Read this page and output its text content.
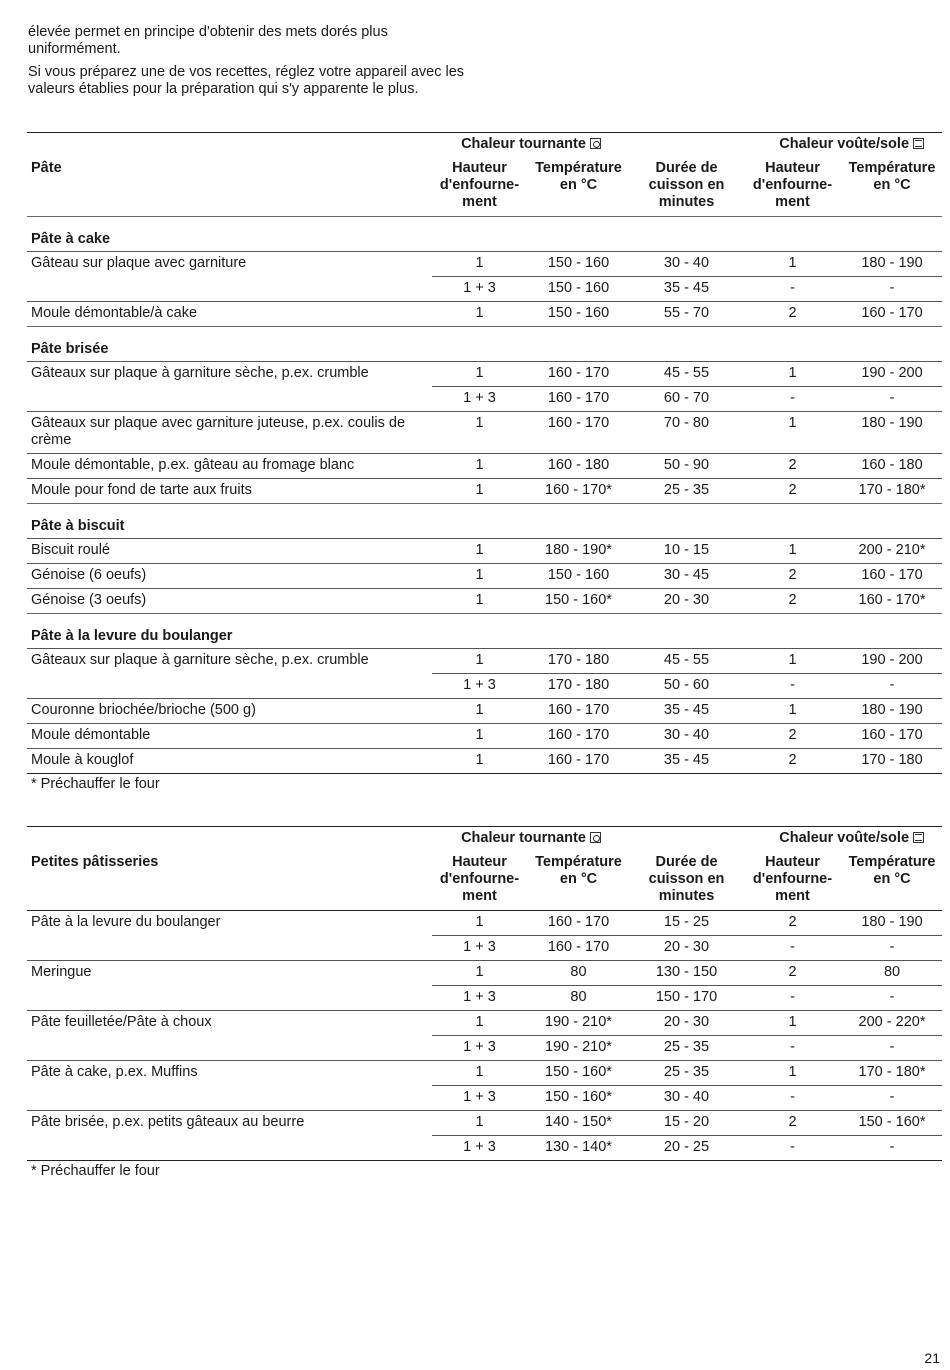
élevée permet en principe d'obtenir des mets dorés plus uniformément.

Si vous préparez une de vos recettes, réglez votre appareil avec les valeurs établies pour la préparation qui s'y apparente le plus.

	Chaleur tournante			Chaleur voûte/sole	
Pâte	Hauteur d'enfourne-ment	Température en °C	Durée de cuisson en minutes	Hauteur d'enfourne-ment	Température en °C
Pâte à cake					
Gâteau sur plaque avec garniture	1	150 - 160	30 - 40	1	180 - 190
	1 + 3	150 - 160	35 - 45	-	-
Moule démontable/à cake	1	150 - 160	55 - 70	2	160 - 170
Pâte brisée					
Gâteaux sur plaque à garniture sèche, p.ex. crumble	1	160 - 170	45 - 55	1	190 - 200
	1 + 3	160 - 170	60 - 70	-	-
Gâteaux sur plaque avec garniture juteuse, p.ex. coulis de crème	1	160 - 170	70 - 80	1	180 - 190
Moule démontable, p.ex. gâteau au fromage blanc	1	160 - 180	50 - 90	2	160 - 180
Moule pour fond de tarte aux fruits	1	160 - 170*	25 - 35	2	170 - 180*
Pâte à biscuit					
Biscuit roulé	1	180 - 190*	10 - 15	1	200 - 210*
Génoise (6 oeufs)	1	150 - 160	30 - 45	2	160 - 170
Génoise (3 oeufs)	1	150 - 160*	20 - 30	2	160 - 170*
Pâte à la levure du boulanger					
Gâteaux sur plaque à garniture sèche, p.ex. crumble	1	170 - 180	45 - 55	1	190 - 200
	1 + 3	170 - 180	50 - 60	-	-
Couronne briochée/brioche (500 g)	1	160 - 170	35 - 45	1	180 - 190
Moule démontable	1	160 - 170	30 - 40	2	160 - 170
Moule à kouglof	1	160 - 170	35 - 45	2	170 - 180
* Préchauffer le four					
	Chaleur tournante			Chaleur voûte/sole	
Petites pâtisseries	Hauteur d'enfourne-ment	Température en °C	Durée de cuisson en minutes	Hauteur d'enfourne-ment	Température en °C
Pâte à la levure du boulanger	1	160 - 170	15 - 25	2	180 - 190
	1 + 3	160 - 170	20 - 30	-	-
Meringue	1	80	130 - 150	2	80
	1 + 3	80	150 - 170	-	-
Pâte feuilletée/Pâte à choux	1	190 - 210*	20 - 30	1	200 - 220*
	1 + 3	190 - 210*	25 - 35	-	-
Pâte à cake, p.ex. Muffins	1	150 - 160*	25 - 35	1	170 - 180*
	1 + 3	150 - 160*	30 - 40	-	-
Pâte brisée, p.ex. petits gâteaux au beurre	1	140 - 150*	15 - 20	2	150 - 160*
	1 + 3	130 - 140*	20 - 25	-	-
* Préchauffer le four					
21
